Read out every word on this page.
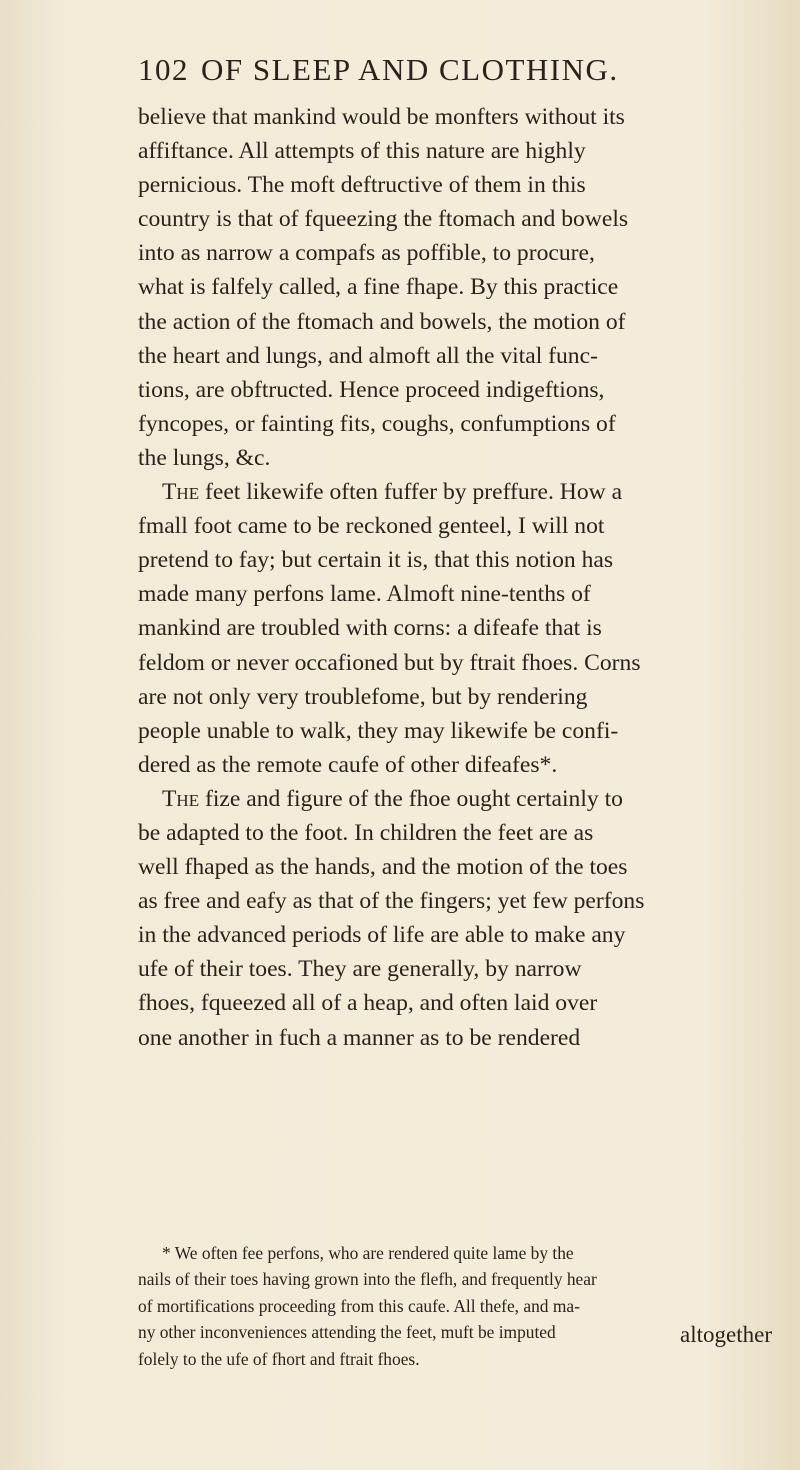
102 OF SLEEP AND CLOTHING.
believe that mankind would be monfters without its
affiftance. All attempts of this nature are highly
pernicious. The moft deftructive of them in this
country is that of fqueezing the ftomach and bowels
into as narrow a compafs as poffible, to procure,
what is falfely called, a fine fhape. By this practice
the action of the ftomach and bowels, the motion of
the heart and lungs, and almoft all the vital func-
tions, are obftructed. Hence proceed indigeftions,
fyncopes, or fainting fits, coughs, confumptions of
the lungs, &c.
The feet likewife often fuffer by preffure. How a
fmall foot came to be reckoned genteel, I will not
pretend to fay; but certain it is, that this notion has
made many perfons lame. Almoft nine-tenths of
mankind are troubled with corns: a difeafe that is
feldom or never occafioned but by ftrait fhoes. Corns
are not only very troublefome, but by rendering
people unable to walk, they may likewife be confi-
dered as the remote caufe of other difeafes*.
The fize and figure of the fhoe ought certainly to
be adapted to the foot. In children the feet are as
well fhaped as the hands, and the motion of the toes
as free and eafy as that of the fingers; yet few perfons
in the advanced periods of life are able to make any
ufe of their toes. They are generally, by narrow
fhoes, fqueezed all of a heap, and often laid over
one another in fuch a manner as to be rendered
* We often fee perfons, who are rendered quite lame by the
nails of their toes having grown into the flefh, and frequently hear
of mortifications proceeding from this caufe. All thefe, and ma-
ny other inconveniences attending the feet, muft be imputed
folely to the ufe of fhort and ftrait fhoes.
altogether
